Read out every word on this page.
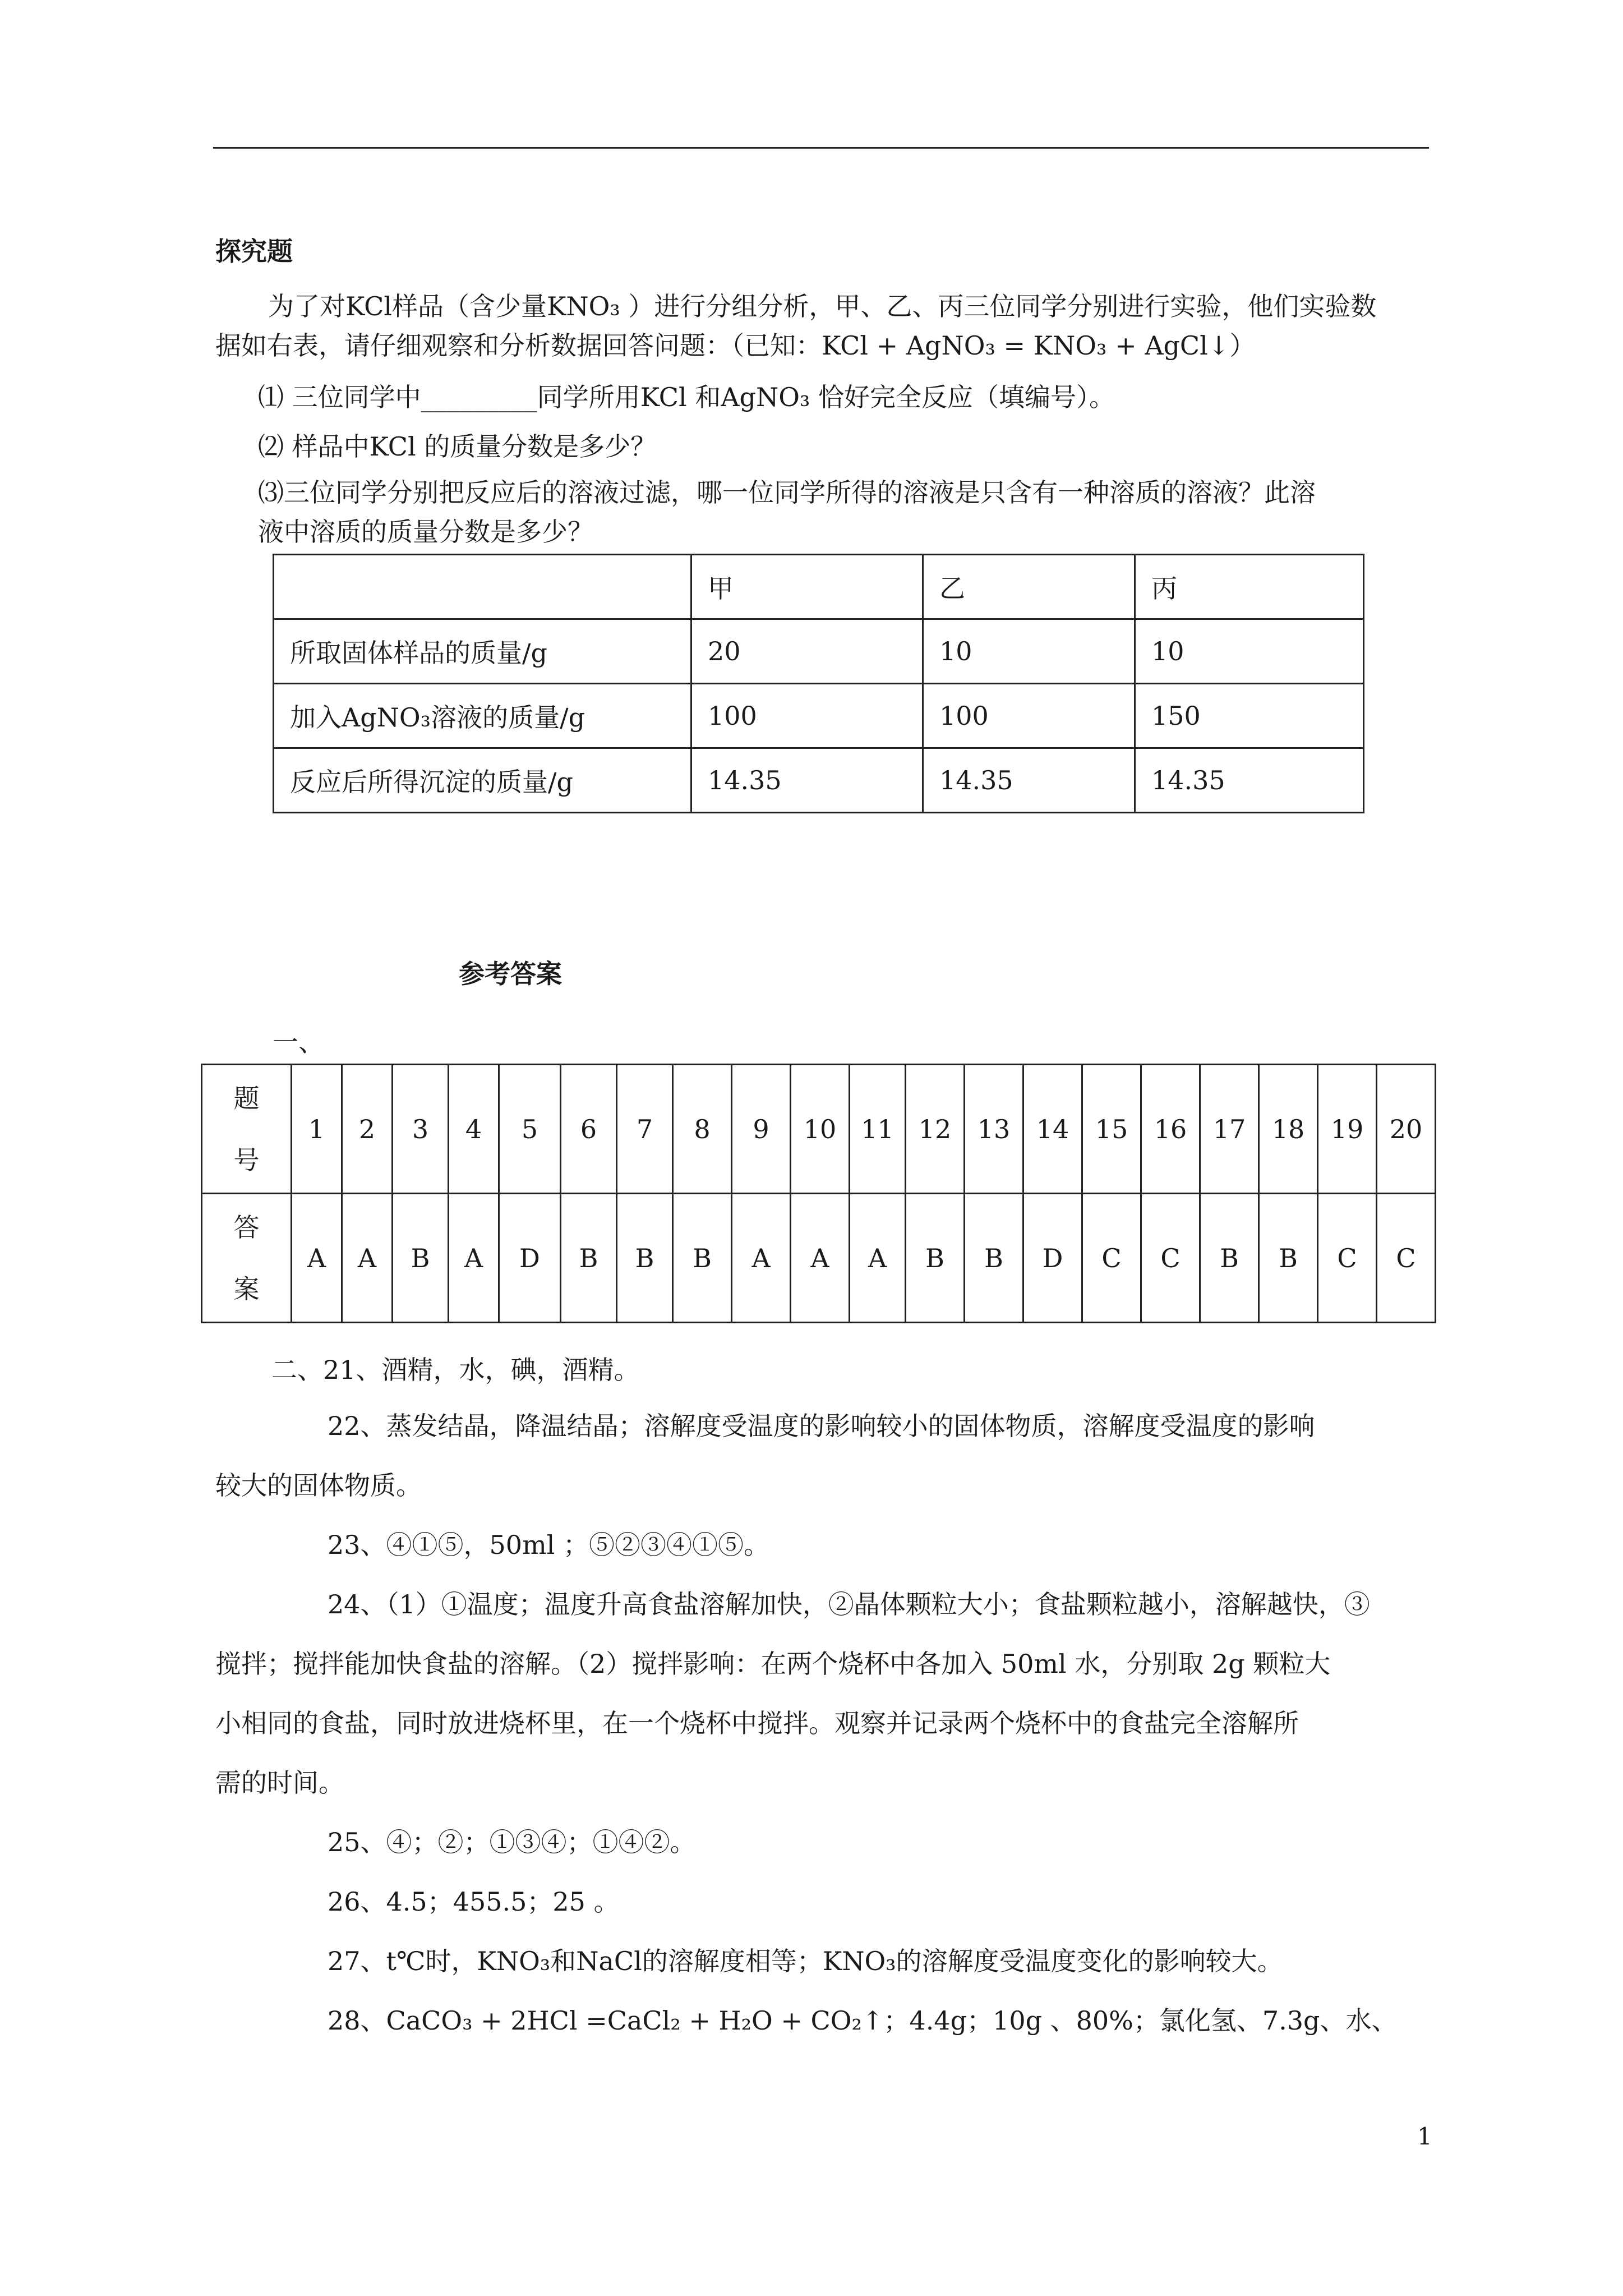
探究题
为了对KCl样品（含少量KNO₃ ）进行分组分析，甲、乙、丙三位同学分别进行实验，他们实验数
据如右表，请仔细观察和分析数据回答问题：（已知：KCl + AgNO₃ = KNO₃ + AgCl↓）
⑴ 三位同学中_________同学所用KCl 和AgNO₃ 恰好完全反应（填编号）。
⑵ 样品中KCl 的质量分数是多少？
⑶三位同学分别把反应后的溶液过滤，哪一位同学所得的溶液是只含有一种溶质的溶液？此溶
液中溶质的质量分数是多少？
	甲	乙	丙
所取固体样品的质量/g	20	10	10
加入AgNO₃溶液的质量/g	100	100	150
反应后所得沉淀的质量/g	14.35	14.35	14.35
参考答案
一、
题
号	1	2	3	4	5	6	7	8	9	10	11	12	13	14	15	16	17	18	19	20
答
案	A	A	B	A	D	B	B	B	A	A	A	B	B	D	C	C	B	B	C	C
二、21、酒精，水，碘，酒精。
22、蒸发结晶，降温结晶；溶解度受温度的影响较小的固体物质，溶解度受温度的影响
较大的固体物质。
23、④①⑤，50ml ；⑤②③④①⑤。
24、（1）①温度；温度升高食盐溶解加快，②晶体颗粒大小；食盐颗粒越小，溶解越快，③
搅拌；搅拌能加快食盐的溶解。（2）搅拌影响：在两个烧杯中各加入 50ml 水，分别取 2g 颗粒大
小相同的食盐，同时放进烧杯里，在一个烧杯中搅拌。观察并记录两个烧杯中的食盐完全溶解所
需的时间。
25、④；②；①③④；①④②。
26、4.5；455.5；25 。
27、t℃时，KNO₃和NaCl的溶解度相等；KNO₃的溶解度受温度变化的影响较大。
28、CaCO₃ + 2HCl =CaCl₂ + H₂O + CO₂↑；4.4g；10g 、80%；氯化氢、7.3g、水、
1
